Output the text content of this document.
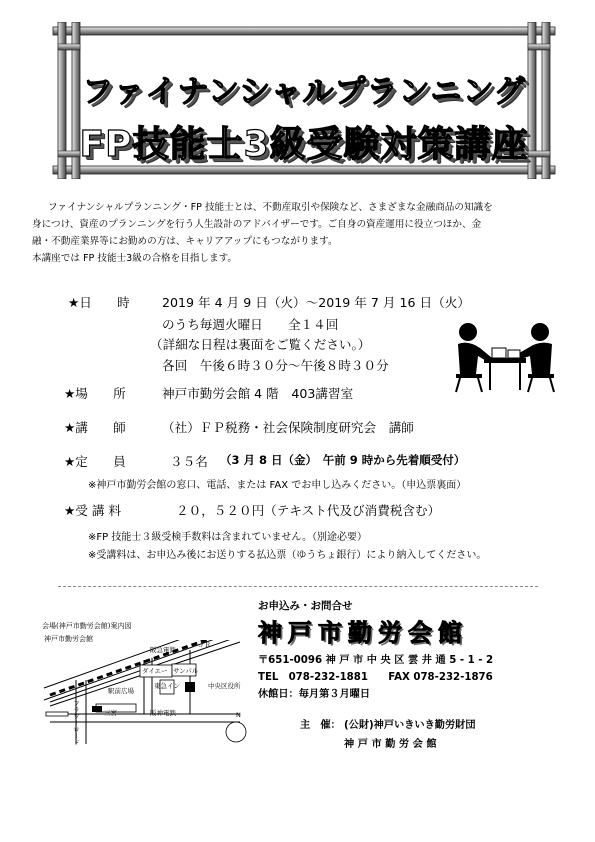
ファイナンシャルプランニング
FP技能士3級受験対策講座
ファイナンシャルプランニング・FP 技能士とは、不動産取引や保険など、さまざまな金融商品の知識を
身につけ、資産のプランニングを行う人生設計のアドバイザーです。ご自身の資産運用に役立つほか、金
融・不動産業界等にお勤めの方は、キャリアアップにもつながります。
本講座では FP 技能士3級の合格を目指します。
★日　　時	2019 年 4 月 9 日（火）～2019 年 7 月 16 日（火）
のうち毎週火曜日　　全１４回
（詳細な日程は裏面をご覧ください。）
各回　午後６時３０分～午後８時３０分
★場　　所	神戸市勤労会館 4 階　403講習室
★講　　師	（社）ＦＰ税務・社会保険制度研究会　講師
★定　　員	３５名 （3 月 8 日（金）　午前 9 時から先着順受付）
※神戸市勤労会館の窓口、電話、または FAX でお申し込みください。（申込票裏面）
★受 講 料	２０，５２０円（テキスト代及び消費税含む）
※FP 技能士３級受検手数料は含まれていません。（別途必要）
※受講料は、お申込み後にお送りする払込票（ゆうちょ銀行）により納入してください。
会場(神戸市勤労会館)案内図
神戸市勤労会館
阪急電鉄
ＪＲ
駅前広場
ダイエー サンパル
東急イン	中央区役所
三宮	阪神電鉄
フラワーロード	N
お申込み・お問合せ
神戸市勤労会館
〒651-0096 神 戸 市 中 央 区 雲 井 通 5 - 1 - 2
TEL　078-232-1881　　FAX 078-232-1876
休館日：毎月第３月曜日
主　催： (公財)神戸いきいき勤労財団
神 戸 市 勤 労 会 館
